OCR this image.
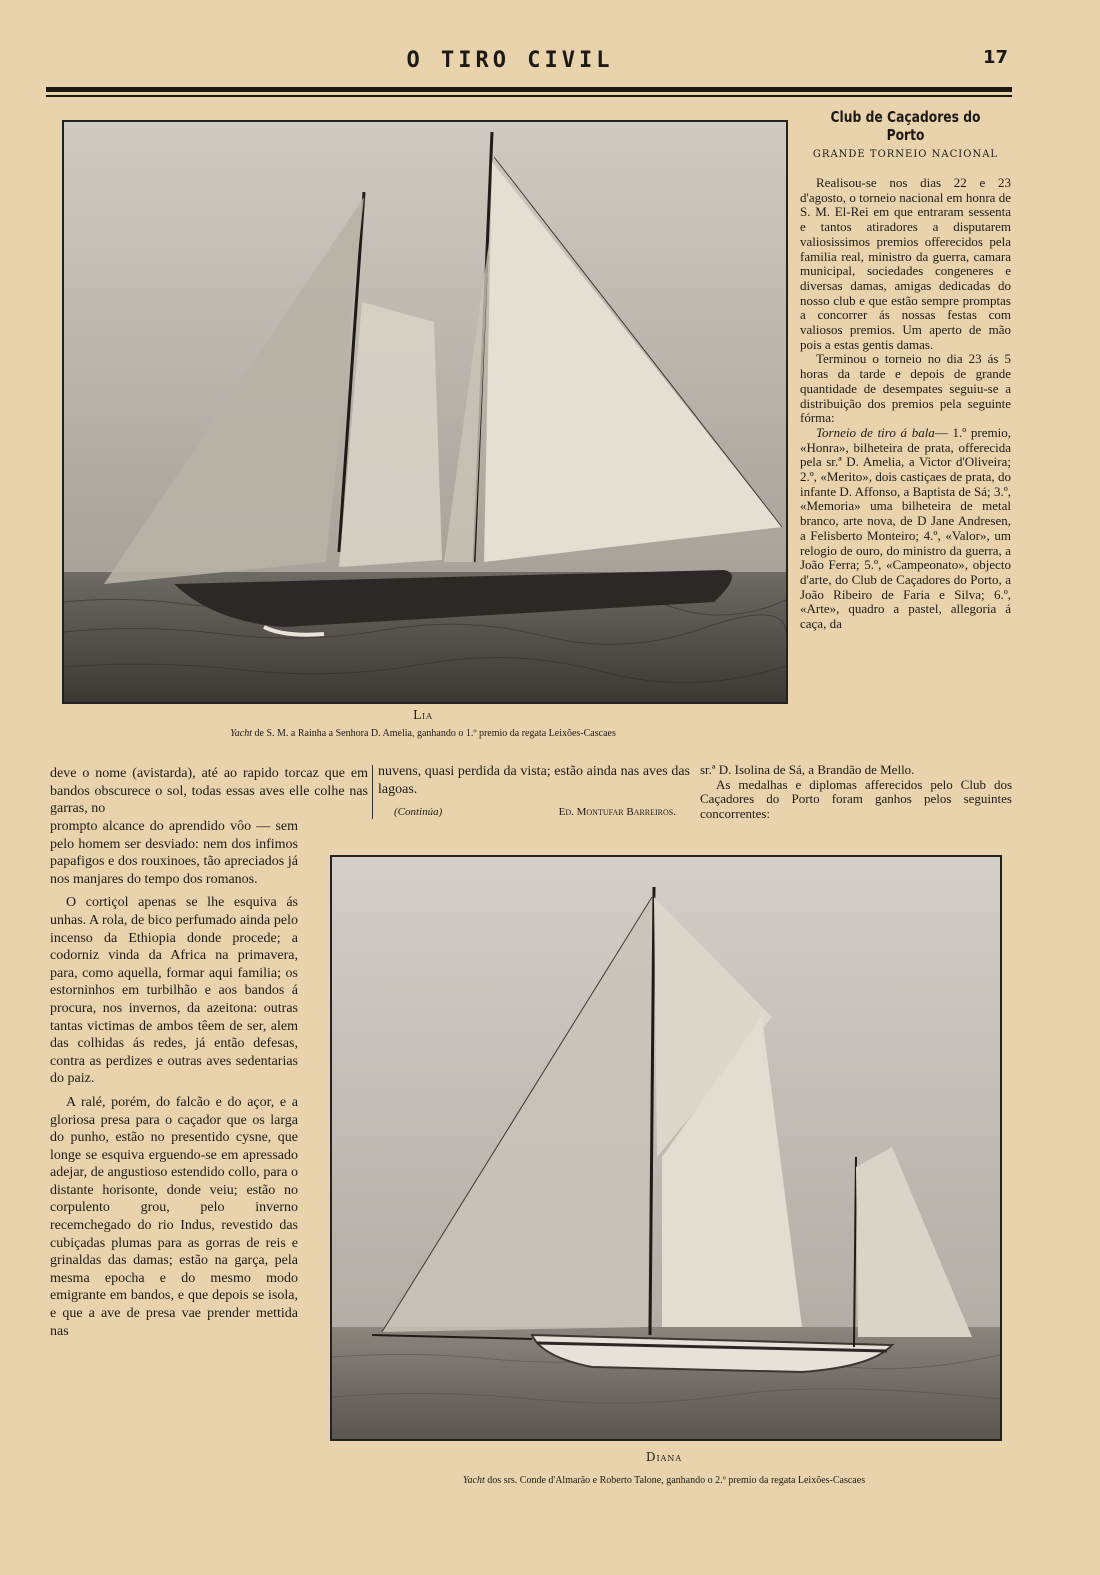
O TIRO CIVIL	17
Lia
Yacht de S. M. a Rainha a Senhora D. Amelia, ganhando o 1.º premio da regata Leixões-Cascaes

deve o nome (avistarda), até ao rapido torcaz que em bandos obscurece o sol, todas essas aves elle colhe nas garras, no

prompto alcance do aprendido vôo — sem pelo homem ser desviado: nem dos infimos papafigos e dos rouxinoes, tão apreciados já nos manjares do tempo dos romanos.

O cortiçol apenas se lhe esquiva ás unhas. A rola, de bico perfumado ainda pelo incenso da Ethiopia donde procede; a codorniz vinda da Africa na primavera, para, como aquella, formar aqui familia; os estorninhos em turbilhão e aos bandos á procura, nos invernos, da azeitona: outras tantas victimas de ambos têem de ser, alem das colhidas ás redes, já então defesas, contra as perdizes e outras aves sedentarias do paiz.

A ralé, porém, do falcão e do açor, e a gloriosa presa para o caçador que os larga do punho, estão no presentido cysne, que longe se esquiva erguendo-se em apressado adejar, de angustioso estendido collo, para o distante horisonte, donde veiu; estão no corpulento grou, pelo inverno recemchegado do rio Indus, revestido das cubiçadas plumas para as gorras de reis e grinaldas das damas; estão na garça, pela mesma epocha e do mesmo modo emigrante em bandos, e que depois se isola, e que a ave de presa vae prender mettida nas

nuvens, quasi perdida da vista; estão ainda nas aves das lagoas.

(Continúa)	Ed. Montufar Barreiros.
Club de Caçadores do Porto
GRANDE TORNEIO NACIONAL

Realisou-se nos dias 22 e 23 d'agosto, o torneio nacional em honra de S. M. El-Rei em que entraram sessenta e tantos atiradores a disputarem valiosissimos premios offerecidos pela familia real, ministro da guerra, camara municipal, sociedades congeneres e diversas damas, amigas dedicadas do nosso club e que estão sempre promptas a concorrer ás nossas festas com valiosos premios. Um aperto de mão pois a estas gentis damas.

Terminou o torneio no dia 23 ás 5 horas da tarde e depois de grande quantidade de desempates seguiu-se a distribuição dos premios pela seguinte fórma:

Torneio de tiro á bala— 1.º premio, «Honra», bilheteira de prata, offerecida pela sr.ª D. Amelia, a Victor d'Oliveira; 2.º, «Merito», dois castiçaes de prata, do infante D. Affonso, a Baptista de Sá; 3.º, «Memoria» uma bilheteira de metal branco, arte nova, de D Jane Andresen, a Felisberto Monteiro; 4.º, «Valor», um relogio de ouro, do ministro da guerra, a João Ferra; 5.º, «Campeonato», objecto d'arte, do Club de Caçadores do Porto, a João Ribeiro de Faria e Silva; 6.º, «Arte», quadro a pastel, allegoria á caça, da

sr.ª D. Isolina de Sá, a Brandão de Mello.

As medalhas e diplomas afferecidos pelo Club dos Caçadores do Porto foram ganhos pelos seguintes concorrentes:

Diana
Yacht dos srs. Conde d'Almarão e Roberto Talone, ganhando o 2.º premio da regata Leixões-Cascaes
